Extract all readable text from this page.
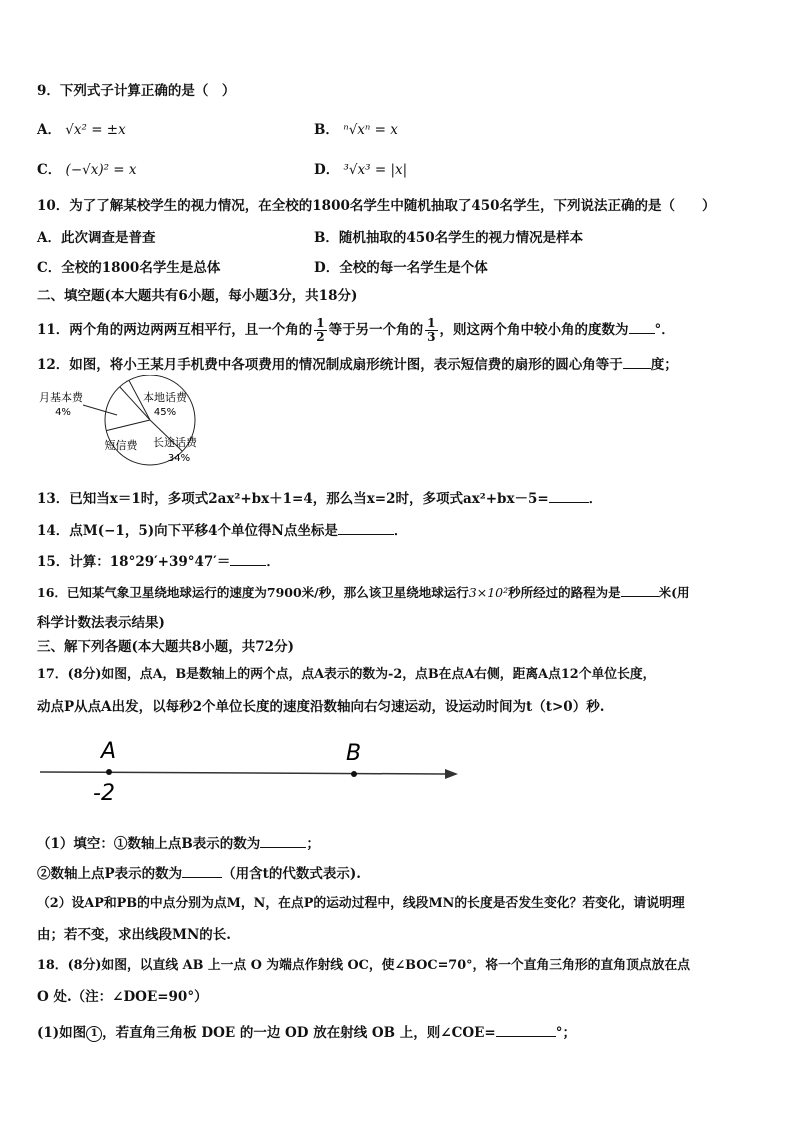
9．下列式子计算正确的是（　）
A． √x² = ±x	B． ⁿ√xⁿ = x
C． (−√x)² = x	D． ³√x³ = |x|
10．为了了解某校学生的视力情况，在全校的1800名学生中随机抽取了450名学生，下列说法正确的是（　　）
A．此次调查是普查	B．随机抽取的450名学生的视力情况是样本
C．全校的1800名学生是总体	D．全校的每一名学生是个体
二、填空题(本大题共有6小题，每小题3分，共18分)
11．两个角的两边两两互相平行，且一个角的 $\frac{1}{2}$ 等于另一个角的 $\frac{1}{3}$ ，则这两个角中较小角的度数为 °．
12．如图，将小王某月手机费中各项费用的情况制成扇形统计图，表示短信费的扇形的圆心角等于 度；
本地话费
45%
长途话费
34%
短信费
月基本费
4%
13．已知当x＝1时，多项式2ax²+bx＋1=4，那么当x=2时，多项式ax²+bx－5=	．
14．点M(−1，5)向下平移4个单位得N点坐标是	．
15．计算：18°29′+39°47′＝	．
16．已知某气象卫星绕地球运行的速度为7900米/秒，那么该卫星绕地球运行3×10²秒所经过的路程为是	米(用
科学计数法表示结果)
三、解下列各题(本大题共8小题，共72分)
17．(8分)如图，点A，B是数轴上的两个点，点A表示的数为-2，点B在点A右侧，距离A点12个单位长度，
动点P从点A出发，以每秒2个单位长度的速度沿数轴向右匀速运动，设运动时间为t（t>0）秒.
A	B
-2
（1）填空：①数轴上点B表示的数为	；
②数轴上点P表示的数为	（用含t的代数式表示).
（2）设AP和PB的中点分别为点M，N，在点P的运动过程中，线段MN的长度是否发生变化？若变化，请说明理
由；若不变，求出线段MN的长.
18．(8分)如图，以直线 AB 上一点 O 为端点作射线 OC，使∠BOC=70°，将一个直角三角形的直角顶点放在点
O 处.（注：∠DOE=90°）
(1)如图 1 ，若直角三角板 DOE 的一边 OD 放在射线 OB 上，则∠COE=	°；
